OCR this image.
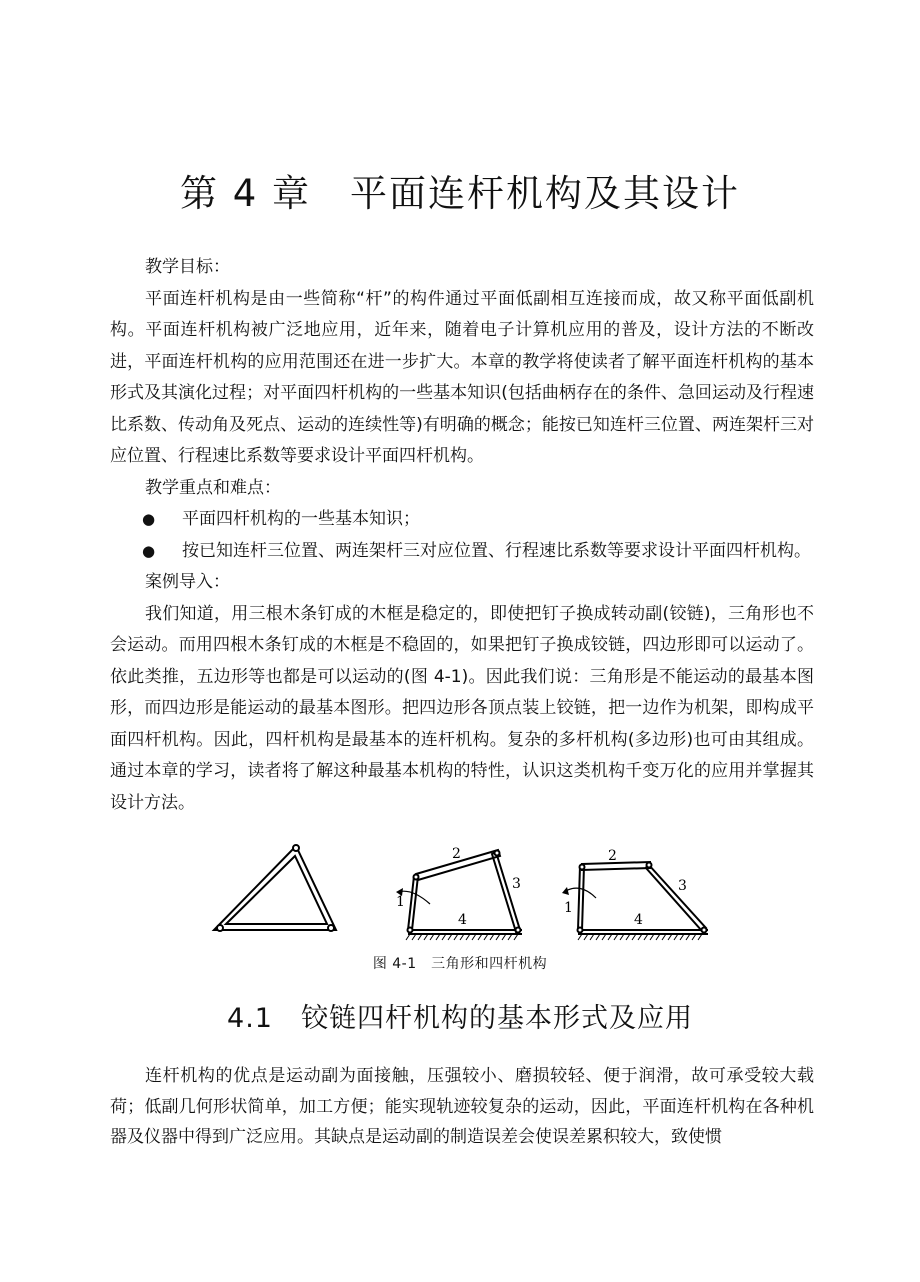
第 4 章　平面连杆机构及其设计

教学目标：

平面连杆机构是由一些简称“杆”的构件通过平面低副相互连接而成，故又称平面低副机构。平面连杆机构被广泛地应用，近年来，随着电子计算机应用的普及，设计方法的不断改进，平面连杆机构的应用范围还在进一步扩大。本章的教学将使读者了解平面连杆机构的基本形式及其演化过程；对平面四杆机构的一些基本知识(包括曲柄存在的条件、急回运动及行程速比系数、传动角及死点、运动的连续性等)有明确的概念；能按已知连杆三位置、两连架杆三对应位置、行程速比系数等要求设计平面四杆机构。

教学重点和难点：

●	平面四杆机构的一些基本知识；
●	按已知连杆三位置、两连架杆三对应位置、行程速比系数等要求设计平面四杆机构。

案例导入：

我们知道，用三根木条钉成的木框是稳定的，即使把钉子换成转动副(铰链)，三角形也不会运动。而用四根木条钉成的木框是不稳固的，如果把钉子换成铰链，四边形即可以运动了。依此类推，五边形等也都是可以运动的(图 4-1)。因此我们说：三角形是不能运动的最基本图形，而四边形是能运动的最基本图形。把四边形各顶点装上铰链，把一边作为机架，即构成平面四杆机构。因此，四杆机构是最基本的连杆机构。复杂的多杆机构(多边形)也可由其组成。通过本章的学习，读者将了解这种最基本机构的特性，认识这类机构千变万化的应用并掌握其设计方法。

1
2
3
4
1
2
3
4
图 4-1　三角形和四杆机构
4.1　铰链四杆机构的基本形式及应用

连杆机构的优点是运动副为面接触，压强较小、磨损较轻、便于润滑，故可承受较大载荷；低副几何形状简单，加工方便；能实现轨迹较复杂的运动，因此，平面连杆机构在各种机器及仪器中得到广泛应用。其缺点是运动副的制造误差会使误差累积较大，致使惯
